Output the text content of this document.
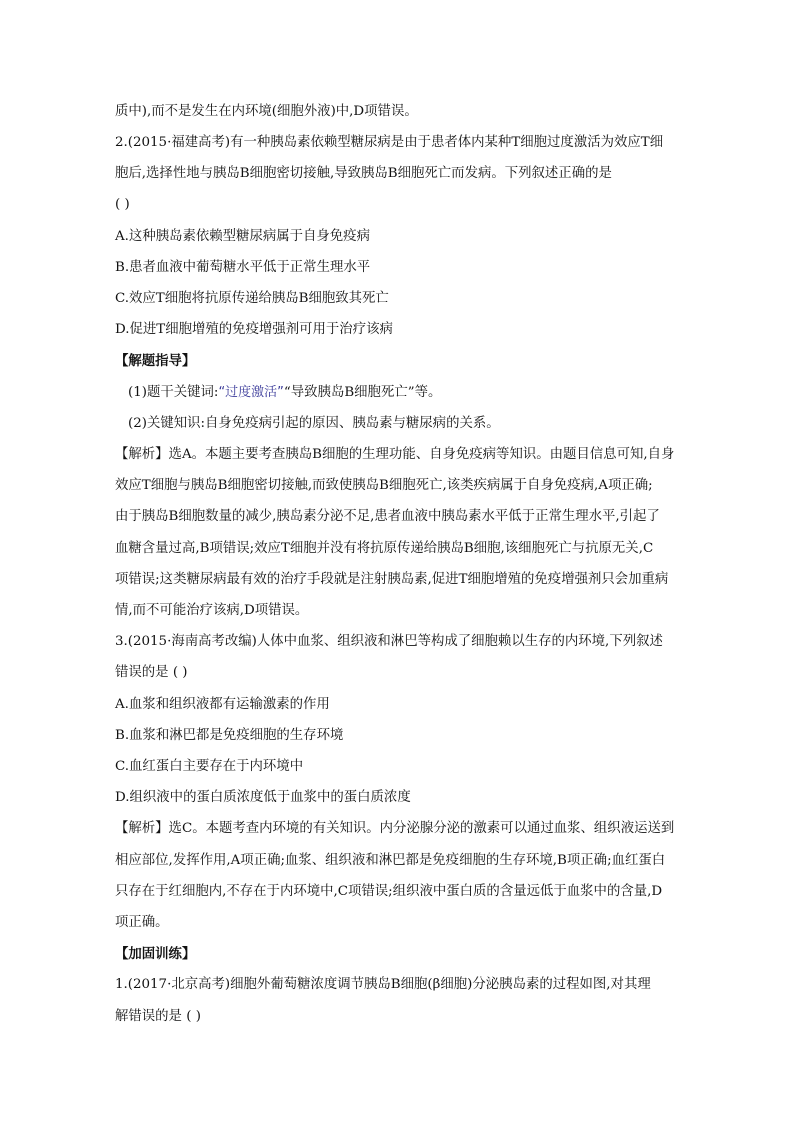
质中),而不是发生在内环境(细胞外液)中,D项错误。
2.(2015·福建高考)有一种胰岛素依赖型糖尿病是由于患者体内某种T细胞过度激活为效应T细
胞后,选择性地与胰岛B细胞密切接触,导致胰岛B细胞死亡而发病。下列叙述正确的是
( )
A.这种胰岛素依赖型糖尿病属于自身免疫病
B.患者血液中葡萄糖水平低于正常生理水平
C.效应T细胞将抗原传递给胰岛B细胞致其死亡
D.促进T细胞增殖的免疫增强剂可用于治疗该病
【解题指导】
(1)题干关键词:“过度激活”“导致胰岛B细胞死亡”等。
(2)关键知识:自身免疫病引起的原因、胰岛素与糖尿病的关系。
【解析】选A。本题主要考查胰岛B细胞的生理功能、自身免疫病等知识。由题目信息可知,自身
效应T细胞与胰岛B细胞密切接触,而致使胰岛B细胞死亡,该类疾病属于自身免疫病,A项正确;
由于胰岛B细胞数量的减少,胰岛素分泌不足,患者血液中胰岛素水平低于正常生理水平,引起了
血糖含量过高,B项错误;效应T细胞并没有将抗原传递给胰岛B细胞,该细胞死亡与抗原无关,C
项错误;这类糖尿病最有效的治疗手段就是注射胰岛素,促进T细胞增殖的免疫增强剂只会加重病
情,而不可能治疗该病,D项错误。
3.(2015·海南高考改编)人体中血浆、组织液和淋巴等构成了细胞赖以生存的内环境,下列叙述
错误的是 ( )
A.血浆和组织液都有运输激素的作用
B.血浆和淋巴都是免疫细胞的生存环境
C.血红蛋白主要存在于内环境中
D.组织液中的蛋白质浓度低于血浆中的蛋白质浓度
【解析】选C。本题考查内环境的有关知识。内分泌腺分泌的激素可以通过血浆、组织液运送到
相应部位,发挥作用,A项正确;血浆、组织液和淋巴都是免疫细胞的生存环境,B项正确;血红蛋白
只存在于红细胞内,不存在于内环境中,C项错误;组织液中蛋白质的含量远低于血浆中的含量,D
项正确。
【加固训练】
1.(2017·北京高考)细胞外葡萄糖浓度调节胰岛B细胞(β细胞)分泌胰岛素的过程如图,对其理
解错误的是 ( )
